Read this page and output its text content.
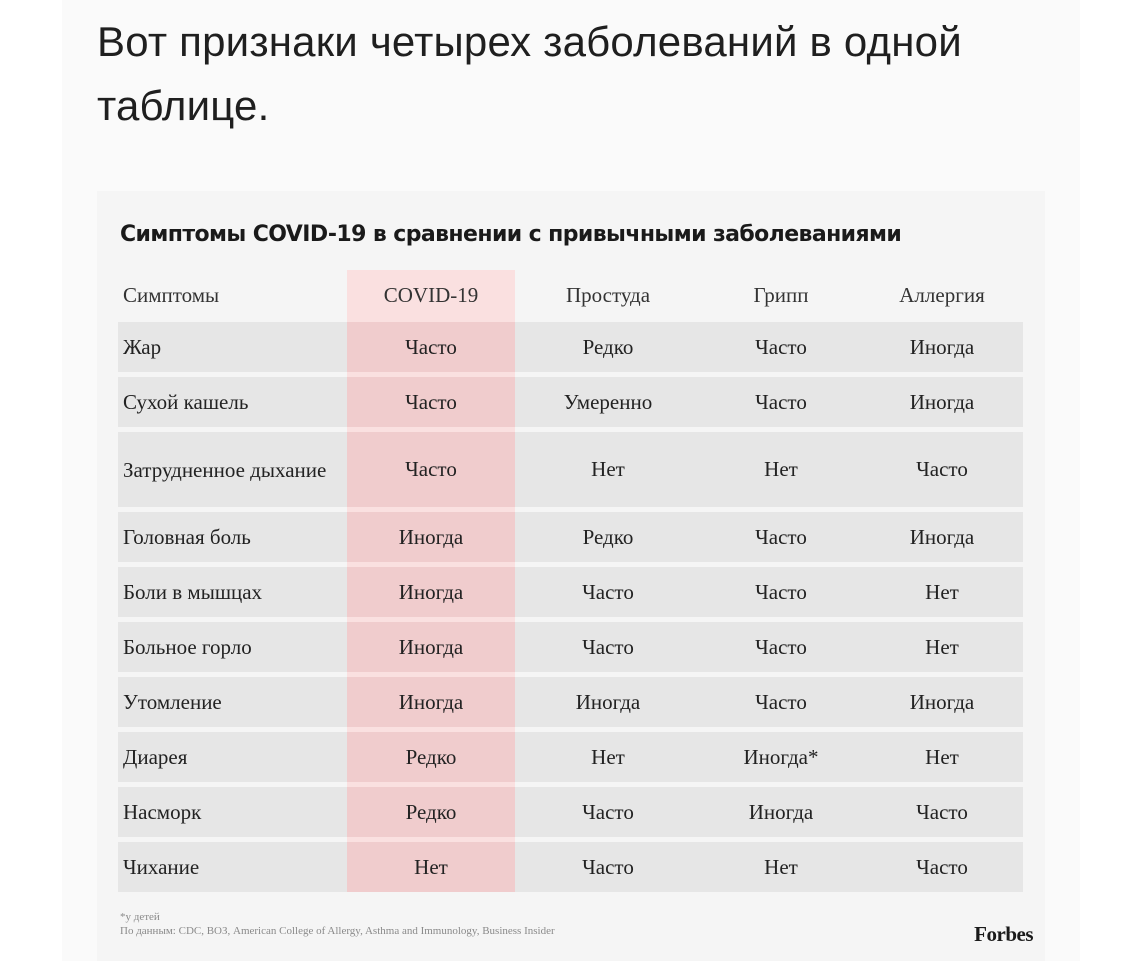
Вот признаки четырех заболеваний в одной таблице.
Симптомы COVID-19 в сравнении с привычными заболеваниями
Симптомы	COVID-19	Простуда	Грипп	Аллергия
Жар	Часто	Редко	Часто	Иногда
Сухой кашель	Часто	Умеренно	Часто	Иногда
Затрудненное дыхание	Часто	Нет	Нет	Часто
Головная боль	Иногда	Редко	Часто	Иногда
Боли в мышцах	Иногда	Часто	Часто	Нет
Больное горло	Иногда	Часто	Часто	Нет
Утомление	Иногда	Иногда	Часто	Иногда
Диарея	Редко	Нет	Иногда*	Нет
Насморк	Редко	Часто	Иногда	Часто
Чихание	Нет	Часто	Нет	Часто
*у детей
По данным: CDC, ВОЗ, American College of Allergy, Asthma and Immunology, Business Insider	Forbes
